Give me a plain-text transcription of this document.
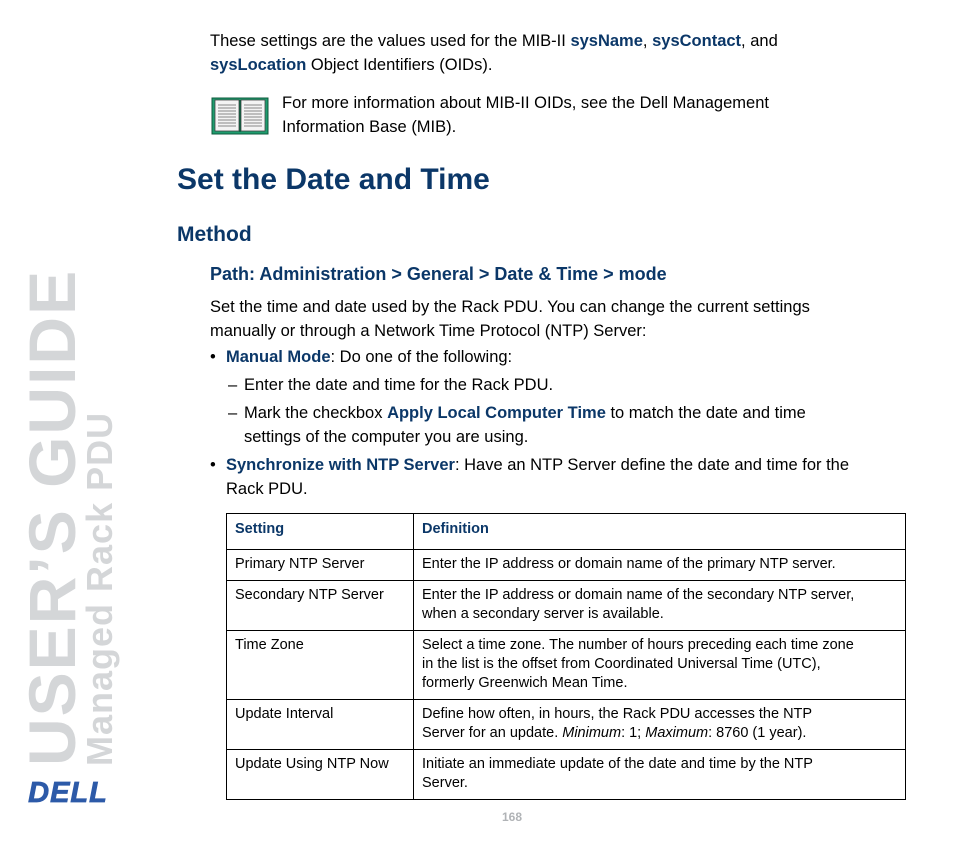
USER’S GUIDE
Managed Rack PDU
DELL
These settings are the values used for the MIB-II sysName, sysContact, and
sysLocation Object Identifiers (OIDs).
For more information about MIB-II OIDs, see the Dell Management
Information Base (MIB).
Set the Date and Time
Method
Path: Administration > General > Date & Time > mode
Set the time and date used by the Rack PDU. You can change the current settings
manually or through a Network Time Protocol (NTP) Server:
• Manual Mode: Do one of the following:
– Enter the date and time for the Rack PDU.
– Mark the checkbox Apply Local Computer Time to match the date and time
settings of the computer you are using.
• Synchronize with NTP Server: Have an NTP Server define the date and time for the
Rack PDU.
Setting	Definition
Primary NTP Server	Enter the IP address or domain name of the primary NTP server.
Secondary NTP Server	Enter the IP address or domain name of the secondary NTP server,
when a secondary server is available.
Time Zone	Select a time zone. The number of hours preceding each time zone
in the list is the offset from Coordinated Universal Time (UTC),
formerly Greenwich Mean Time.
Update Interval	Define how often, in hours, the Rack PDU accesses the NTP
Server for an update. Minimum: 1; Maximum: 8760 (1 year).
Update Using NTP Now	Initiate an immediate update of the date and time by the NTP
Server.
168
